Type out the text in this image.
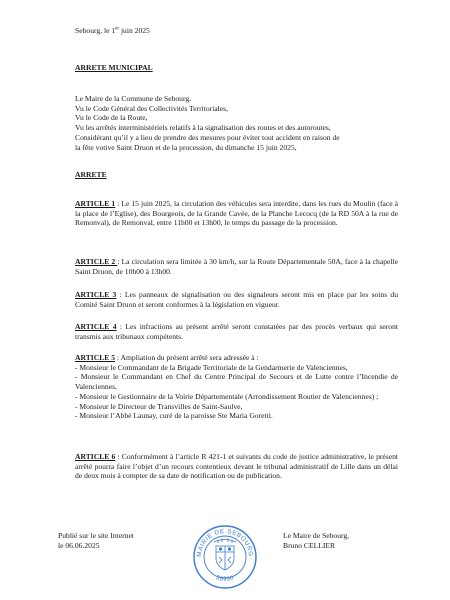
Sebourg, le 1er juin 2025
ARRETE MUNICIPAL
Le Maire de la Commune de Sebourg,
Vu le Code Général des Collectivités Territoriales,
Vu le Code de la Route,
Vu les arrêtés interministériels relatifs à la signalisation des routes et des autoroutes,
Considérant qu’il y a lieu de prendre des mesures pour éviter tout accident en raison de
la fête votive Saint Druon et de la procession, du dimanche 15 juin 2025,
ARRETE

ARTICLE 1 : Le 15 juin 2025, la circulation des véhicules sera interdite, dans les rues du Moulin (face à la place de l’Eglise), des Bourgeois, de la Grande Cavée, de la Planche Lecocq (de la RD 50A à la rue de Remonval), de Remonval, entre 11h00 et 13h00, le temps du passage de la procession.

ARTICLE 2 : La circulation sera limitée à 30 km/h, sur la Route Départementale 50A, face à la chapelle Saint Druon, de 10h00 à 13h00.

ARTICLE 3 : Les panneaux de signalisation ou des signaleurs seront mis en place par les soins du Comité Saint Druon et seront conformes à la législation en vigueur.

ARTICLE 4 : Les infractions au présent arrêté seront constatées par des procès verbaux qui seront transmis aux tribunaux compétents.

ARTICLE 5 : Ampliation du présent arrêté sera adressée à :

- Monsieur le Commandant de la Brigade Territoriale de la Gendarmerie de Valenciennes,

- Monsieur le Commandant en Chef du Centre Principal de Secours et de Lutte contre l’Incendie de Valenciennes,

- Monsieur le Gestionnaire de la Voirie Départementale (Arrondissement Routier de Valenciennes) ;

- Monsieur le Directeur de Transvilles de Saint-Saulve,

- Monsieur l’Abbé Launay, curé de la paroisse Ste Maria Goretti.

ARTICLE 6 : Conformément à l’article R 421-1 et suivants du code de justice administrative, le présent arrêté pourra faire l’objet d’un recours contentieux devant le tribunal administratif de Lille dans un délai de deux mois à compter de sa date de notification ou de publication.

Publié sur le site Internet
le 06.06.2025
Le Maire de Sebourg,
Bruno CELLIER
MAIRIE DE SEBOURG
59990
